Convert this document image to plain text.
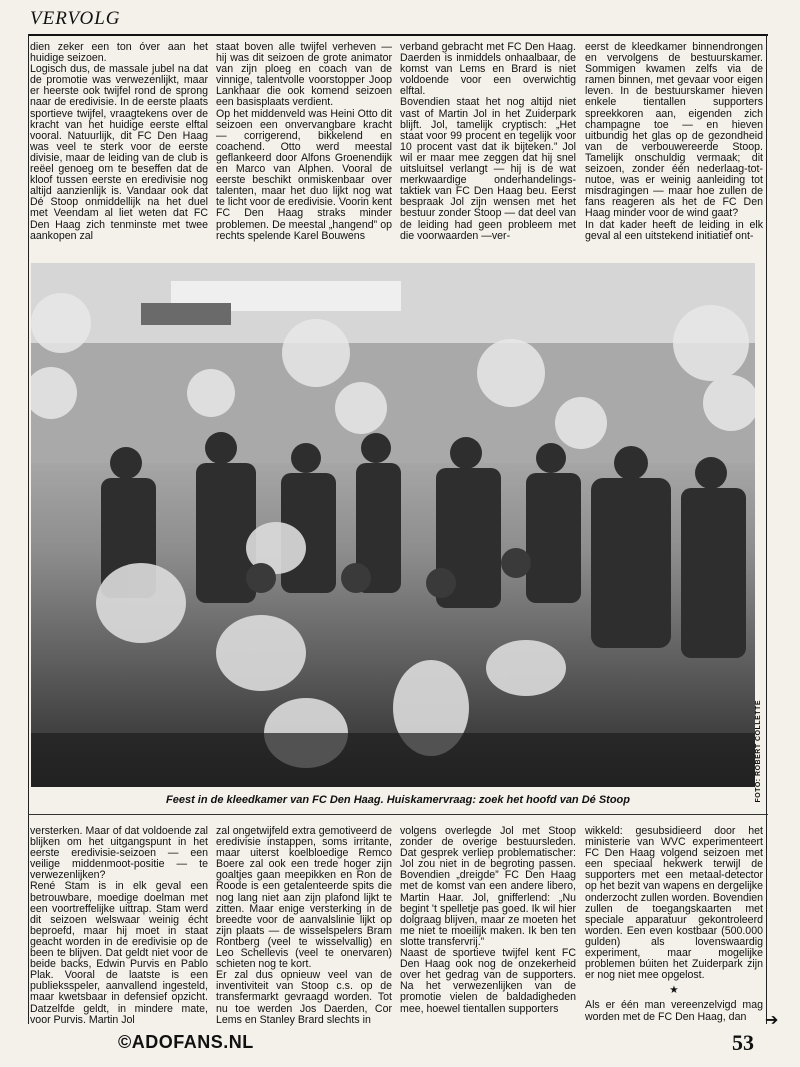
VERVOLG

dien zeker een ton óver aan het huidige seizoen.

Logisch dus, de massale jubel na dat de promotie was verwezenlijkt, maar er heerste ook twijfel rond de sprong naar de eredivisie. In de eerste plaats sportieve twijfel, vraagtekens over de kracht van het huidige eerste elftal vooral. Natuurlijk, dit FC Den Haag was veel te sterk voor de eerste divisie, maar de leiding van de club is reëel genoeg om te beseffen dat de kloof tussen eerste en eredivisie nog altijd aanzienlijk is. Vandaar ook dat Dé Stoop onmiddellijk na het duel met Veendam al liet weten dat FC Den Haag zich tenminste met twee aankopen zal

staat boven alle twijfel verheven — hij was dit seizoen de grote animator van zijn ploeg en coach van de vinnige, talentvolle voorstopper Joop Lankhaar die ook komend seizoen een basisplaats verdient.

Op het middenveld was Heini Otto dit seizoen een onvervangbare kracht — corrigerend, bikkelend en coachend. Otto werd meestal geflankeerd door Alfons Groenendijk en Marco van Alphen. Vooral de eerste beschikt onmiskenbaar over talenten, maar het duo lijkt nog wat te licht voor de eredivisie. Voorin kent FC Den Haag straks minder problemen. De meestal „hangend” op rechts spelende Karel Bouwens

verband gebracht met FC Den Haag. Daerden is inmiddels onhaalbaar, de komst van Lems en Brard is niet voldoende voor een overwichtig elftal.

Bovendien staat het nog altijd niet vast of Martin Jol in het Zuiderpark blijft. Jol, tamelijk cryptisch: „Het staat voor 99 procent en tegelijk voor 10 procent vast dat ik bijteken.” Jol wil er maar mee zeggen dat hij snel uitsluitsel verlangt — hij is de wat merkwaardige onderhandelings-taktiek van FC Den Haag beu. Eerst bespraak Jol zijn wensen met het bestuur zonder Stoop — dat deel van de leiding had geen probleem met die voorwaarden —ver-

eerst de kleedkamer binnendrongen en vervolgens de bestuurskamer. Sommigen kwamen zelfs via de ramen binnen, met gevaar voor eigen leven. In de bestuurskamer hieven enkele tientallen supporters spreekkoren aan, eigenden zich champagne toe — en hieven uitbundig het glas op de gezondheid van de verbouwereerde Stoop. Tamelijk onschuldig vermaak; dit seizoen, zonder één nederlaag-tot-nutoe, was er weinig aanleiding tot misdragingen — maar hoe zullen de fans reageren als het de FC Den Haag minder voor de wind gaat?

In dat kader heeft de leiding in elk geval al een uitstekend initiatief ont-

FOTO: ROBERT COLLETTE
Feest in de kleedkamer van FC Den Haag. Huiskamervraag: zoek het hoofd van Dé Stoop

versterken. Maar of dat voldoende zal blijken om het uitgangspunt in het eerste eredivisie-seizoen — een veilige middenmoot-positie — te verwezenlijken?

René Stam is in elk geval een betrouwbare, moedige doelman met een voortreffelijke uittrap. Stam werd dit seizoen welswaar weinig écht beproefd, maar hij moet in staat geacht worden in de eredivisie op de been te blijven. Dat geldt niet voor de beide backs, Edwin Purvis en Pablo Plak. Vooral de laatste is een publieksspeler, aanvallend ingesteld, maar kwetsbaar in defensief opzicht. Datzelfde geldt, in mindere mate, voor Purvis. Martin Jol

zal ongetwijfeld extra gemotiveerd de eredivisie instappen, soms irritante, maar uiterst koelbloedige Remco Boere zal ook een trede hoger zijn goaltjes gaan meepikken en Ron de Roode is een getalenteerde spits die nog lang niet aan zijn plafond lijkt te zitten. Maar enige versterking in de breedte voor de aanvalslinie lijkt op zijn plaats — de wisselspelers Bram Rontberg (veel te wisselvallig) en Leo Schellevis (veel te onervaren) schieten nog te kort.

Er zal dus opnieuw veel van de inventiviteit van Stoop c.s. op de transfermarkt gevraagd worden. Tot nu toe werden Jos Daerden, Cor Lems en Stanley Brard slechts in

volgens overlegde Jol met Stoop zonder de overige bestuursleden. Dat gesprek verliep problematischer: Jol zou niet in de begroting passen. Bovendien „dreigde” FC Den Haag met de komst van een andere libero, Martin Haar. Jol, gnifferlend: „Nu begint 't spelletje pas goed. Ik wil hier dolgraag blijven, maar ze moeten het me niet te moeilijk maken. Ik ben ten slotte transfervrij.”

Naast de sportieve twijfel kent FC Den Haag ook nog de onzekerheid over het gedrag van de supporters. Na het verwezenlijken van de promotie vielen de baldadigheden mee, hoewel tientallen supporters

wikkeld: gesubsidieerd door het ministerie van WVC experimenteert FC Den Haag volgend seizoen met een speciaal hekwerk terwijl de supporters met een metaal-detector op het bezit van wapens en dergelijke onderzocht zullen worden. Bovendien zullen de toegangskaarten met speciale apparatuur gekontroleerd worden. Een even kostbaar (500.000 gulden) als lovenswaardig experiment, maar mogelijke problemen búiten het Zuiderpark zijn er nog niet mee opgelost.

★

Als er één man vereenzelvigd mag worden met de FC Den Haag, dan	➔
©ADOFANS.NL	53
